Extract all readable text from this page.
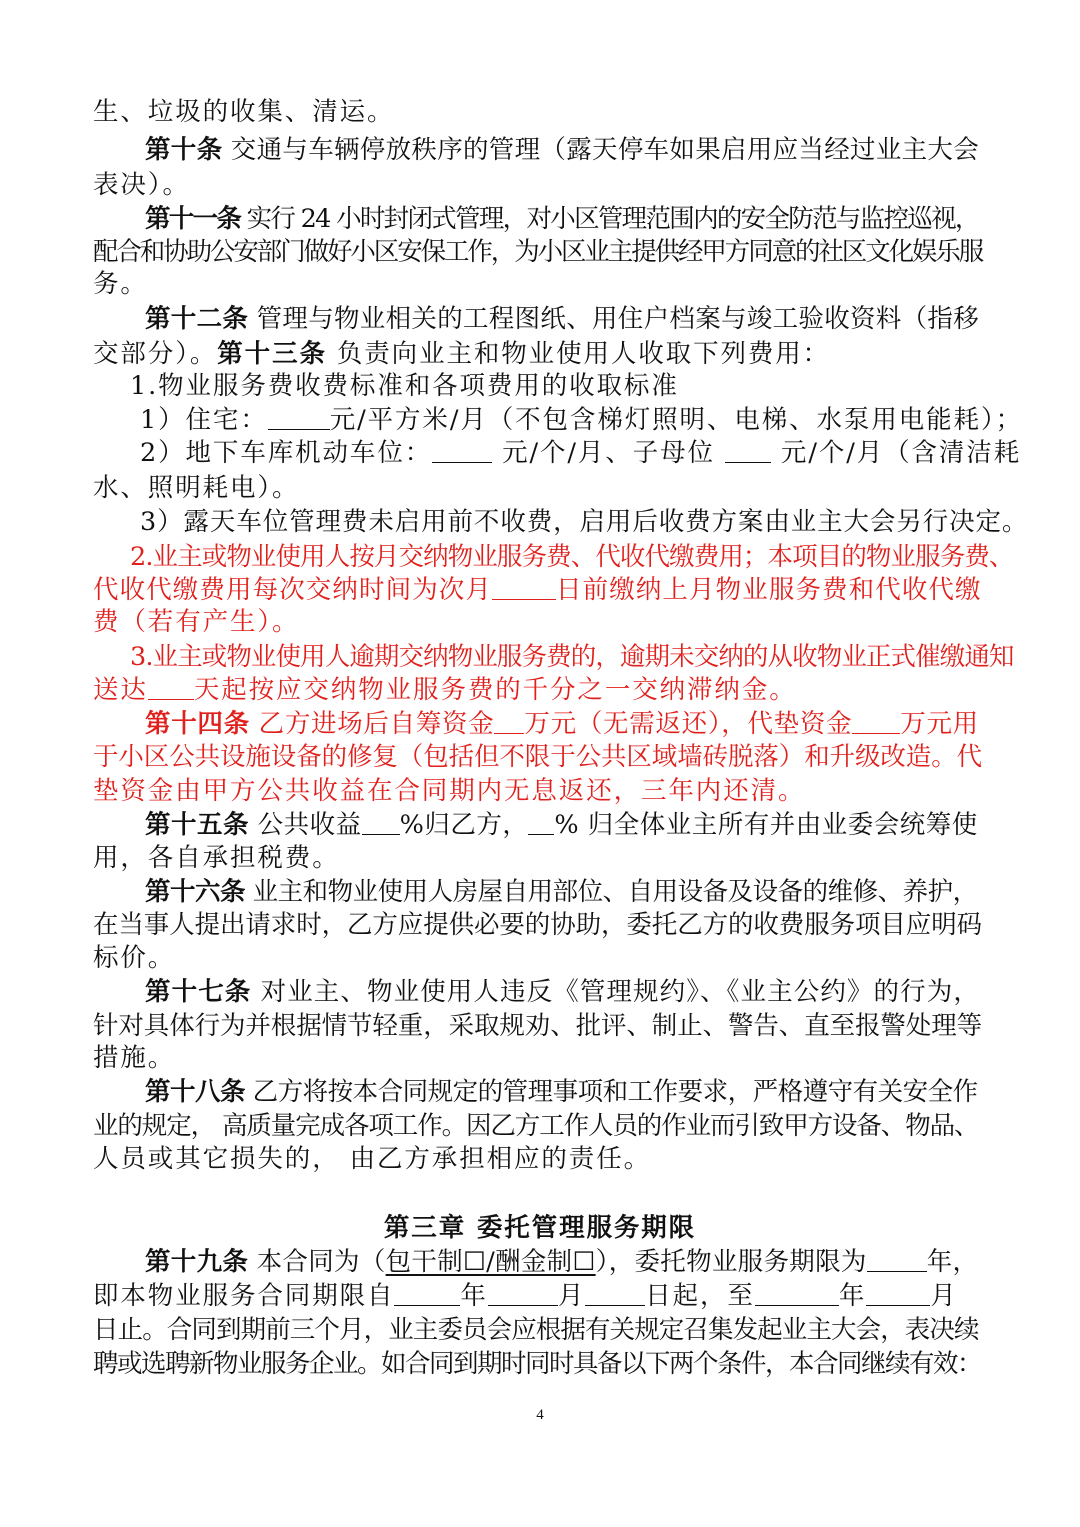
生、垃圾的收集、清运。
第十条 交通与车辆停放秩序的管理（露天停车如果启用应当经过业主大会
表决）。
第十一条 实行 24 小时封闭式管理，对小区管理范围内的安全防范与监控巡视，
配合和协助公安部门做好小区安保工作，为小区业主提供经甲方同意的社区文化娱乐服
务。
第十二条 管理与物业相关的工程图纸、用住户档案与竣工验收资料（指移
交部分）。第十三条 负责向业主和物业使用人收取下列费用：
1.物业服务费收费标准和各项费用的收取标准
1）住宅： 元/平方米/月（不包含梯灯照明、电梯、水泵用电能耗）；
2）地下车库机动车位： 元/个/月、子母位  元/个/月（含清洁耗
水、照明耗电）。
3）露天车位管理费未启用前不收费，启用后收费方案由业主大会另行决定。
2.业主或物业使用人按月交纳物业服务费、代收代缴费用；本项目的物业服务费、
代收代缴费用每次交纳时间为次月	日前缴纳上月物业服务费和代收代缴
费（若有产生）。
3.业主或物业使用人逾期交纳物业服务费的，逾期未交纳的从收物业正式催缴通知
送达 天起按应交纳物业服务费的千分之一交纳滞纳金。
第十四条 乙方进场后自筹资金 万元（无需返还），代垫资金 万元用
于小区公共设施设备的修复（包括但不限于公共区域墙砖脱落）和升级改造。代
垫资金由甲方公共收益在合同期内无息返还，三年内还清。
第十五条 公共收益 %归乙方， % 归全体业主所有并由业委会统筹使
用，各自承担税费。
第十六条 业主和物业使用人房屋自用部位、自用设备及设备的维修、养护，
在当事人提出请求时，乙方应提供必要的协助，委托乙方的收费服务项目应明码
标价。
第十七条 对业主、物业使用人违反《管理规约》、《业主公约》的行为，
针对具体行为并根据情节轻重，采取规劝、批评、制止、警告、直至报警处理等
措施。
第十八条 乙方将按本合同规定的管理事项和工作要求，严格遵守有关安全作
业的规定， 高质量完成各项工作。因乙方工作人员的作业而引致甲方设备、物品、
人员或其它损失的， 由乙方承担相应的责任。
第三章 委托管理服务期限
第十九条 本合同为（包干制☐/酬金制☐），委托物业服务期限为 年，
即本物业服务合同期限自	年	月 日起，至	年	月
日止。合同到期前三个月，业主委员会应根据有关规定召集发起业主大会，表决续
聘或选聘新物业服务企业。如合同到期时同时具备以下两个条件，本合同继续有效：
4
